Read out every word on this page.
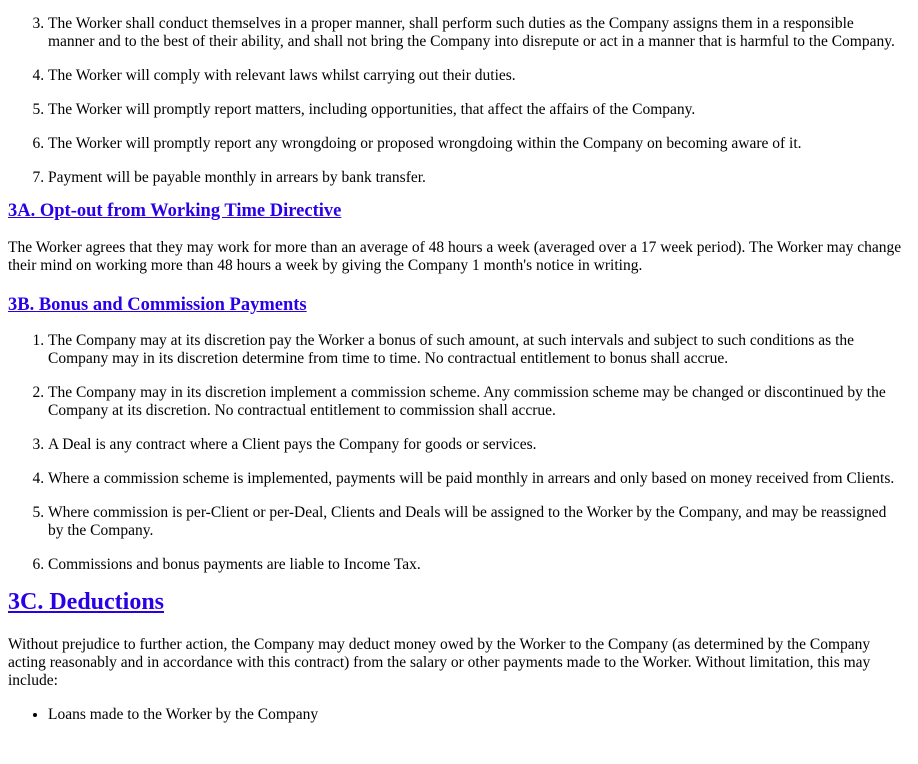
3. The Worker shall conduct themselves in a proper manner, shall perform such duties as the Company assigns them in a responsible manner and to the best of their ability, and shall not bring the Company into disrepute or act in a manner that is harmful to the Company.
4. The Worker will comply with relevant laws whilst carrying out their duties.
5. The Worker will promptly report matters, including opportunities, that affect the affairs of the Company.
6. The Worker will promptly report any wrongdoing or proposed wrongdoing within the Company on becoming aware of it.
7. Payment will be payable monthly in arrears by bank transfer.
3A. Opt-out from Working Time Directive

The Worker agrees that they may work for more than an average of 48 hours a week (averaged over a 17 week period). The Worker may change their mind on working more than 48 hours a week by giving the Company 1 month's notice in writing.

3B. Bonus and Commission Payments
1. The Company may at its discretion pay the Worker a bonus of such amount, at such intervals and subject to such conditions as the Company may in its discretion determine from time to time. No contractual entitlement to bonus shall accrue.
2. The Company may in its discretion implement a commission scheme. Any commission scheme may be changed or discontinued by the Company at its discretion. No contractual entitlement to commission shall accrue.
3. A Deal is any contract where a Client pays the Company for goods or services.
4. Where a commission scheme is implemented, payments will be paid monthly in arrears and only based on money received from Clients.
5. Where commission is per-Client or per-Deal, Clients and Deals will be assigned to the Worker by the Company, and may be reassigned by the Company.
6. Commissions and bonus payments are liable to Income Tax.
3C. Deductions

Without prejudice to further action, the Company may deduct money owed by the Worker to the Company (as determined by the Company acting reasonably and in accordance with this contract) from the salary or other payments made to the Worker. Without limitation, this may include:

• Loans made to the Worker by the Company
